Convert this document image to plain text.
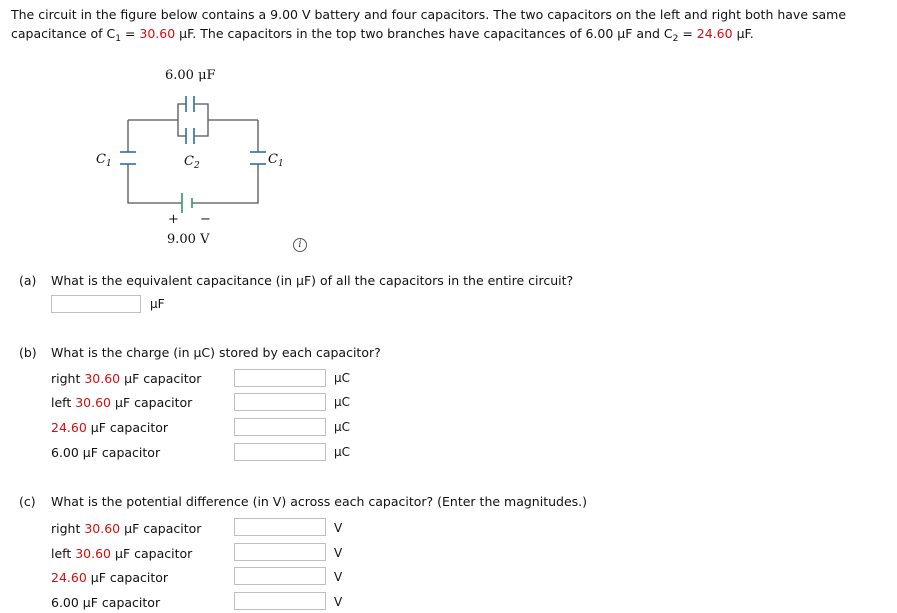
The circuit in the figure below contains a 9.00 V battery and four capacitors. The two capacitors on the left and right both have same
capacitance of $C_1 = 30.60$ μF. The capacitors in the top two branches have capacitances of 6.00 μF and $C_2 = 24.60$ μF.
6.00 μF
$C_1$	$C_2$	$C_1$
+ −
9.00 V	i
(a) What is the equivalent capacitance (in μF) of all the capacitors in the entire circuit?
μF
(b) What is the charge (in μC) stored by each capacitor?
right 30.60 μF capacitor	μC
left 30.60 μF capacitor	μC
24.60 μF capacitor	μC
6.00 μF capacitor	μC
(c) What is the potential difference (in V) across each capacitor? (Enter the magnitudes.)
right 30.60 μF capacitor	V
left 30.60 μF capacitor	V
24.60 μF capacitor	V
6.00 μF capacitor	V
